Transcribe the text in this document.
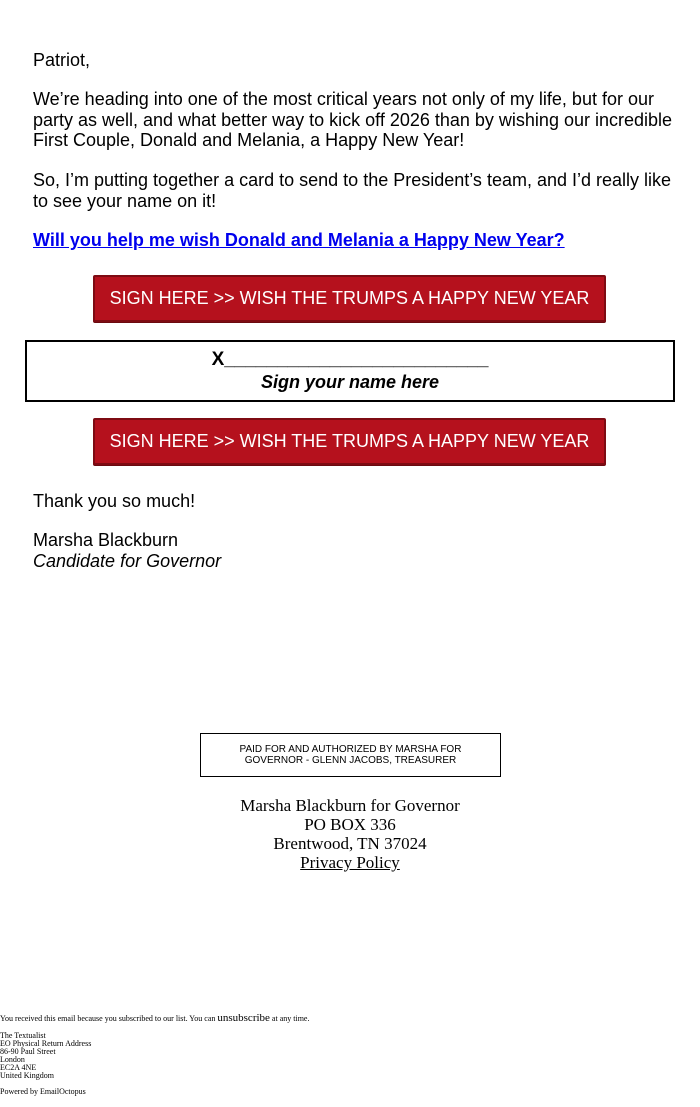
Patriot,

We’re heading into one of the most critical years not only of my life, but for our party as well, and what better way to kick off 2026 than by wishing our incredible First Couple, Donald and Melania, a Happy New Year!

So, I’m putting together a card to send to the President’s team, and I’d really like to see your name on it!

Will you help me wish Donald and Melania a Happy New Year?

SIGN HERE >> WISH THE TRUMPS A HAPPY NEW YEAR
X_________________________
Sign your name here
SIGN HERE >> WISH THE TRUMPS A HAPPY NEW YEAR

Thank you so much!

Marsha Blackburn

Candidate for Governor

PAID FOR AND AUTHORIZED BY MARSHA FOR GOVERNOR - GLENN JACOBS, TREASURER
Marsha Blackburn for Governor
PO BOX 336
Brentwood, TN 37024
Privacy Policy
You received this email because you subscribed to our list. You can unsubscribe at any time.
The Textualist
EO Physical Return Address
86-90 Paul Street
London
EC2A 4NE
United Kingdom
Powered by EmailOctopus
